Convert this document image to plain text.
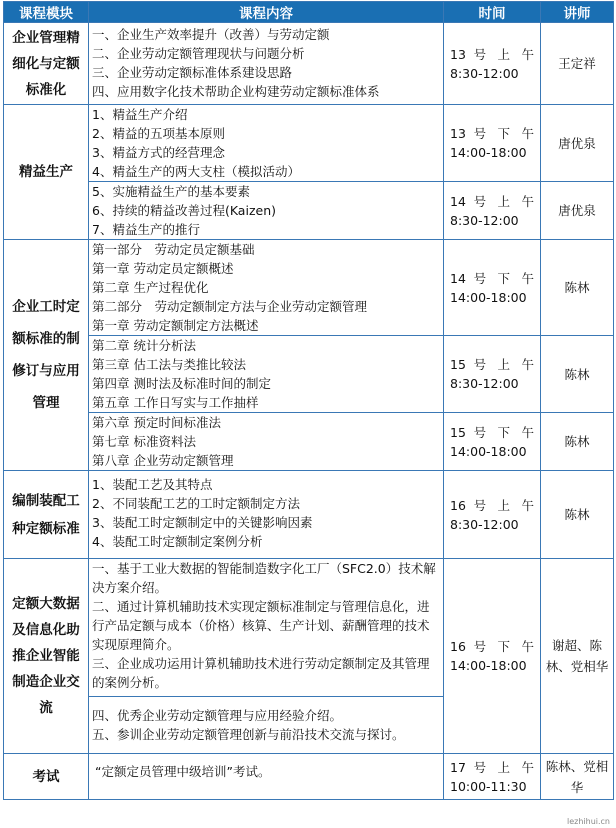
课程模块	课程内容	时间	讲师
企业管理精细化与定额标准化	一、企业生产效率提升（改善）与劳动定额
二、企业劳动定额管理现状与问题分析
三、企业劳动定额标准体系建设思路
四、应用数字化技术帮助企业构建劳动定额标准体系	13 号 上 午
8:30-12:00	王定祥
精益生产	1、精益生产介绍
2、精益的五项基本原则
3、精益方式的经营理念
4、精益生产的两大支柱（模拟活动）	13 号 下 午
14:00-18:00	唐优泉

	5、实施精益生产的基本要素
6、持续的精益改善过程(Kaizen)
7、精益生产的推行	14 号 上 午
8:30-12:00	唐优泉
企业工时定额标准的制修订与应用管理	第一部分　劳动定员定额基础
第一章 劳动定员定额概述
第二章 生产过程优化
第二部分　劳动定额制定方法与企业劳动定额管理
第一章 劳动定额制定方法概述	14 号 下 午
14:00-18:00	陈林

	第二章 统计分析法
第三章 估工法与类推比较法
第四章 测时法及标准时间的制定
第五章 工作日写实与工作抽样	15 号 上 午
8:30-12:00	陈林

	第六章 预定时间标准法
第七章 标准资料法
第八章 企业劳动定额管理	15 号 下 午
14:00-18:00	陈林
编制装配工种定额标准	1、装配工艺及其特点
2、不同装配工艺的工时定额制定方法
3、装配工时定额制定中的关键影响因素
4、装配工时定额制定案例分析	16 号 上 午
8:30-12:00	陈林
定额大数据及信息化助推企业智能制造企业交流	一、基于工业大数据的智能制造数字化工厂（SFC2.0）技术解决方案介绍。
二、通过计算机辅助技术实现定额标准制定与管理信息化，进行产品定额与成本（价格）核算、生产计划、薪酬管理的技术实现原理简介。
三、企业成功运用计算机辅助技术进行劳动定额制定及其管理的案例分析。	16 号 下 午
14:00-18:00	谢超、陈林、党相华

	四、优秀企业劳动定额管理与应用经验介绍。
五、参训企业劳动定额管理创新与前沿技术交流与探讨。		

考试	“定额定员管理中级培训”考试。	17 号 上 午
10:00-11:30	陈林、党相华
lezhihui.cn
